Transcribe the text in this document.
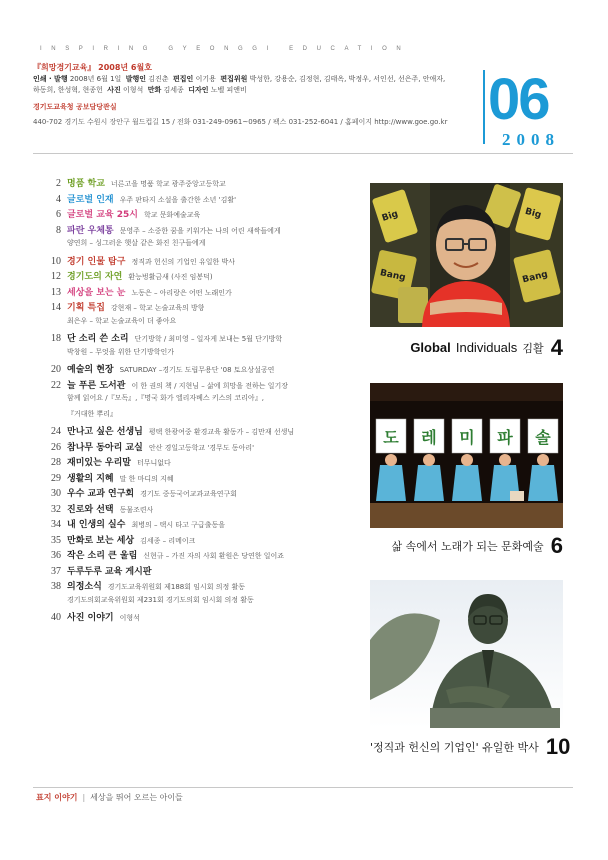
INSPIRING GYEONGGI EDUCATION
『희망경기교육』 2008년 6월호
인쇄 · 발행 2008년 6월 1일 발행인 김진춘 편집인 이기용 편집위원 박성한, 강용순, 김정현, 김태옥, 박정우, 서인선, 선은주, 안애자,
하동희, 한성혁, 현종헌 사진 이형석 만화 김세종 디자인 노벨 피앤비
경기도교육청 공보담당관실
440-702 경기도 수원시 장안구 월드컵길 15 / 전화 031-249-0961~0965 / 팩스 031-252-6041 / 홈페이지 http://www.goe.go.kr 06
2008
2 명품 학교 너른고을 명품 학교 광주중앙고등학교
4 글로벌 인재 우주 판타지 소설을 출간한 소년 '김활'
6 글로벌 교육 25시 학교 문화예술교육
8 파란 우체통 문영주 – 소중한 꿈을 키워가는 나의 어린 새싹들에게
양연희 – 싱그러운 햇살 같은 화진 친구들에게
10 경기 인물 탐구 정직과 헌신의 기업인 유일한 박사
12 경기도의 자연 환능벙활금새 (사진 임봉덕)
13 세상을 보는 눈 노동은 – 아리랑은 어떤 노래인가
14 기획 특집 강현재 – 학교 논술교육의 방향
최은우 – 학교 논술교육이 더 좋아요
18 단 소리 쓴 소리 단기방학 / 최미영 – 일자게 보내는 5월 단기방학
박창원 – 무엇을 위한 단기방학인가
20 예술의 현장 SATURDAY –경기도 도립무용단 '08 토요상설공연
22 늘 푸른 도서관 이 한 권의 책 / 지현님 – 삶에 희망을 전하는 일기장
함께 읽어요 /『모독』,『명국 화가 엘리자베스 키스의 코리아』,
『거대한 뿌리』
24 만나고 싶은 선생님 평택 한광여중 환경교육 활동가 – 김만재 선생님
26 참나무 동아리 교실 안산 경일고등학교 '경무도 동아리'
28 재미있는 우리말 터무니없다
29 생활의 지혜 말 한 마디의 지혜
30 우수 교과 연구회 경기도 중등국어교과교육연구회
32 진로와 선택 동물조련사
34 내 인생의 실수 최병의 – 택시 타고 구급출동을
35 만화로 보는 세상 김세종 – 리메이크
36 작은 소리 큰 울림 신현규 – 가진 자의 사회 환원은 당연한 일이죠
37 두루두루 교육 게시판
38 의정소식 경기도교육위원회 제188회 임시회 의정 활동
경기도의회교육위원회 제231회 경기도의회 임시회 의정 활동
40 사진 이야기 이형석
Big
Bang
Big
Bang
Global Individuals 김활 4
도 레 미 파 솔
삶 속에서 노래가 되는 문화예술 6
'정직과 헌신의 기업인' 유일한 박사 10
표지 이야기 | 세상을 뛰어 오르는 아이들
